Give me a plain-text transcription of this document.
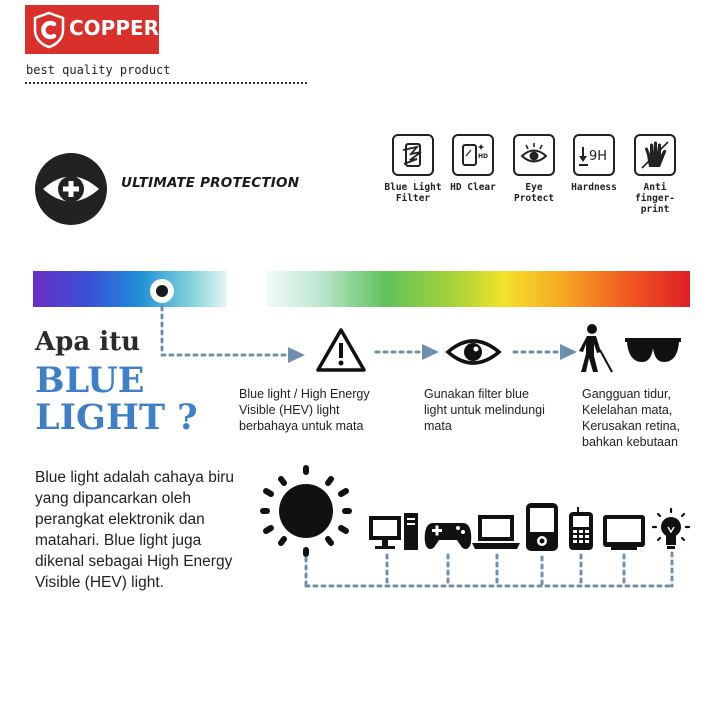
COPPER
best quality product
ULTIMATE PROTECTION	Blue Light Filter
HD
HD Clear	Eye Protect
9H
Hardness	Anti finger-print
Apa itu
BLUE
LIGHT ?
Blue light / High Energy Visible (HEV) light berbahaya untuk mata
Gunakan filter blue light untuk melindungi mata
Gangguan tidur, Kelelahan mata, Kerusakan retina, bahkan kebutaan
Blue light adalah cahaya biru yang dipancarkan oleh perangkat elektronik dan matahari. Blue light juga dikenal sebagai High Energy Visible (HEV) light.
